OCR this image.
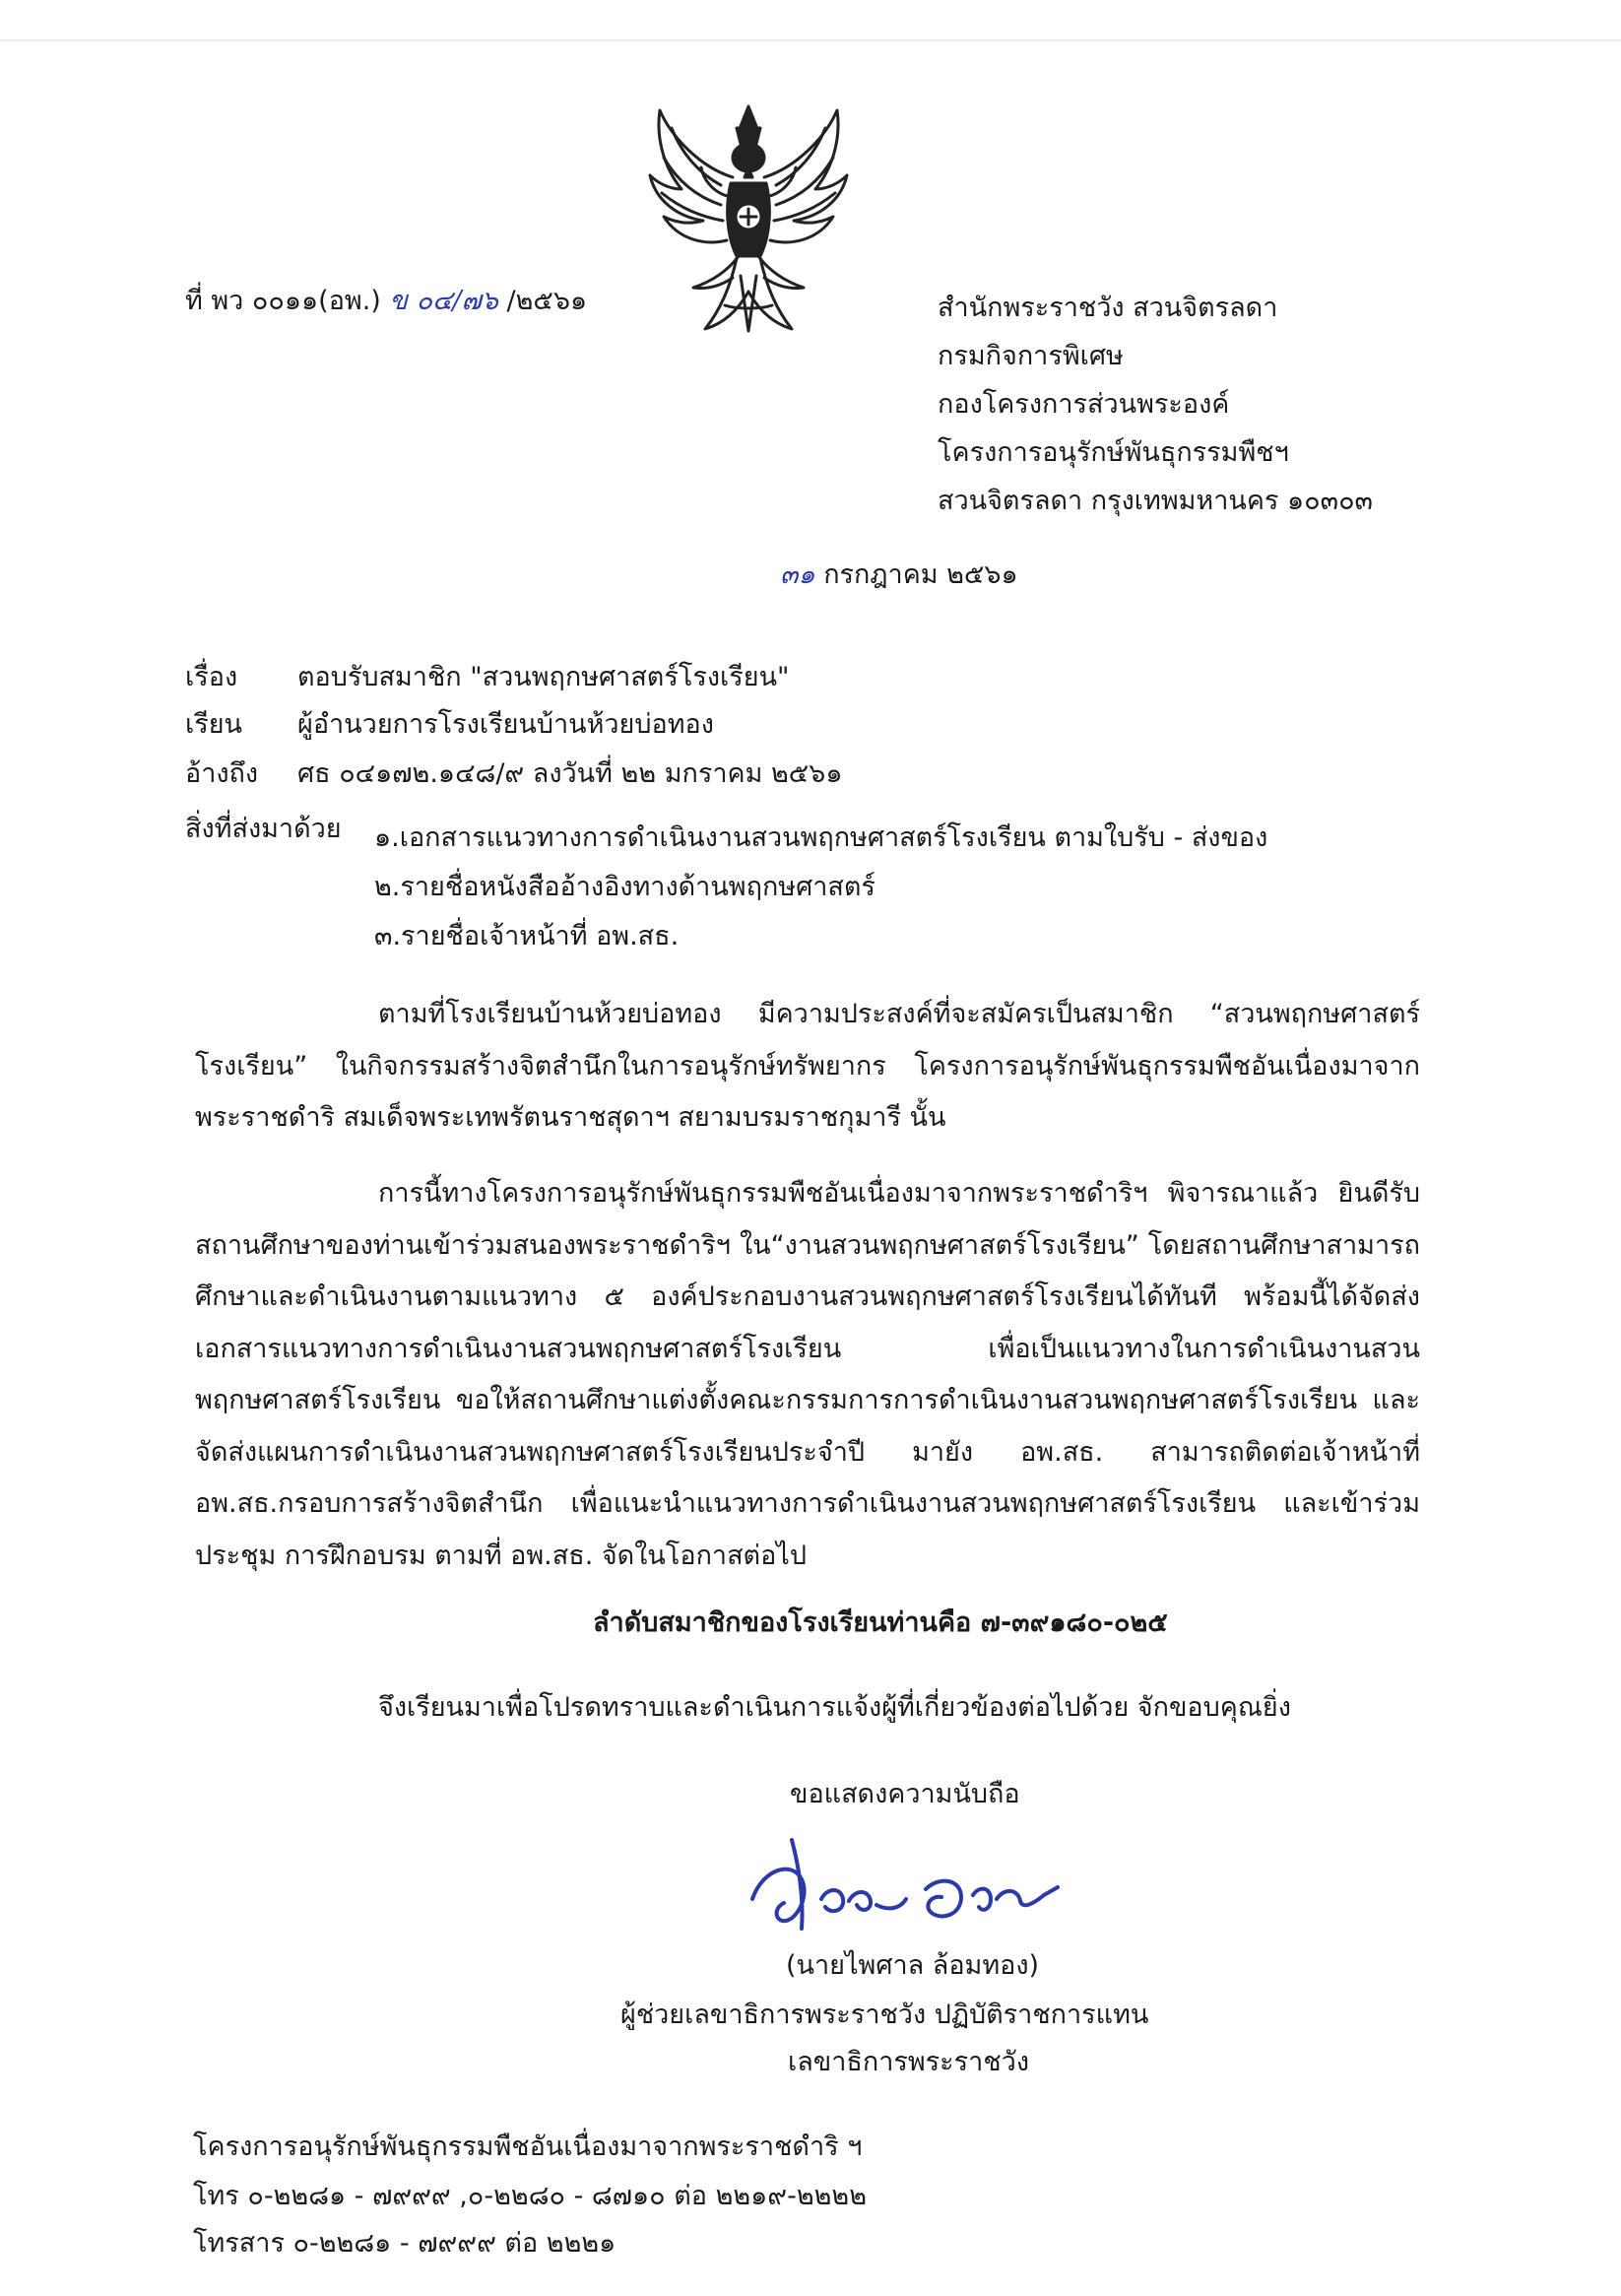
ที่ พว ๐๐๑๑(อพ.) ข ๐๔/๗๖ /๒๕๖๑	สำนักพระราชวัง สวนจิตรลดา
กรมกิจการพิเศษ
กองโครงการส่วนพระองค์
โครงการอนุรักษ์พันธุกรรมพืชฯ
สวนจิตรลดา กรุงเทพมหานคร ๑๐๓๐๓
๓๑ กรกฎาคม ๒๕๖๑
เรื่อง ตอบรับสมาชิก "สวนพฤกษศาสตร์โรงเรียน"
เรียน ผู้อำนวยการโรงเรียนบ้านห้วยบ่อทอง
อ้างถึง ศธ ๐๔๑๗๒.๑๔๘/๙ ลงวันที่ ๒๒ มกราคม ๒๕๖๑
สิ่งที่ส่งมาด้วย ๑.เอกสารแนวทางการดำเนินงานสวนพฤกษศาสตร์โรงเรียน ตามใบรับ - ส่งของ
๒.รายชื่อหนังสืออ้างอิงทางด้านพฤกษศาสตร์
๓.รายชื่อเจ้าหน้าที่ อพ.สธ.
ตามที่โรงเรียนบ้านห้วยบ่อทอง มีความประสงค์ที่จะสมัครเป็นสมาชิก “สวนพฤกษศาสตร์โรงเรียน” ในกิจกรรมสร้างจิตสำนึกในการอนุรักษ์ทรัพยากร โครงการอนุรักษ์พันธุกรรมพืชอันเนื่องมาจากพระราชดำริ สมเด็จพระเทพรัตนราชสุดาฯ สยามบรมราชกุมารี นั้น
การนี้ทางโครงการอนุรักษ์พันธุกรรมพืชอันเนื่องมาจากพระราชดำริฯ พิจารณาแล้ว ยินดีรับสถานศึกษาของท่านเข้าร่วมสนองพระราชดำริฯ ใน“งานสวนพฤกษศาสตร์โรงเรียน” โดยสถานศึกษาสามารถศึกษาและดำเนินงานตามแนวทาง ๕ องค์ประกอบงานสวนพฤกษศาสตร์โรงเรียนได้ทันที พร้อมนี้ได้จัดส่งเอกสารแนวทางการดำเนินงานสวนพฤกษศาสตร์โรงเรียน เพื่อเป็นแนวทางในการดำเนินงานสวนพฤกษศาสตร์โรงเรียน ขอให้สถานศึกษาแต่งตั้งคณะกรรมการการดำเนินงานสวนพฤกษศาสตร์โรงเรียน และจัดส่งแผนการดำเนินงานสวนพฤกษศาสตร์โรงเรียนประจำปี มายัง อพ.สธ. สามารถติดต่อเจ้าหน้าที่ อพ.สธ.กรอบการสร้างจิตสำนึก เพื่อแนะนำแนวทางการดำเนินงานสวนพฤกษศาสตร์โรงเรียน และเข้าร่วมประชุม การฝึกอบรม ตามที่ อพ.สธ. จัดในโอกาสต่อไป
ลำดับสมาชิกของโรงเรียนท่านคือ ๗-๓๙๑๘๐-๐๒๕
จึงเรียนมาเพื่อโปรดทราบและดำเนินการแจ้งผู้ที่เกี่ยวข้องต่อไปด้วย จักขอบคุณยิ่ง
ขอแสดงความนับถือ
(นายไพศาล ล้อมทอง)
ผู้ช่วยเลขาธิการพระราชวัง ปฏิบัติราชการแทน
เลขาธิการพระราชวัง
โครงการอนุรักษ์พันธุกรรมพืชอันเนื่องมาจากพระราชดำริ ฯ
โทร ๐-๒๒๘๑ - ๗๙๙๙ ,๐-๒๒๘๐ - ๘๗๑๐ ต่อ ๒๒๑๙-๒๒๒๒
โทรสาร ๐-๒๒๘๑ - ๗๙๙๙ ต่อ ๒๒๒๑
